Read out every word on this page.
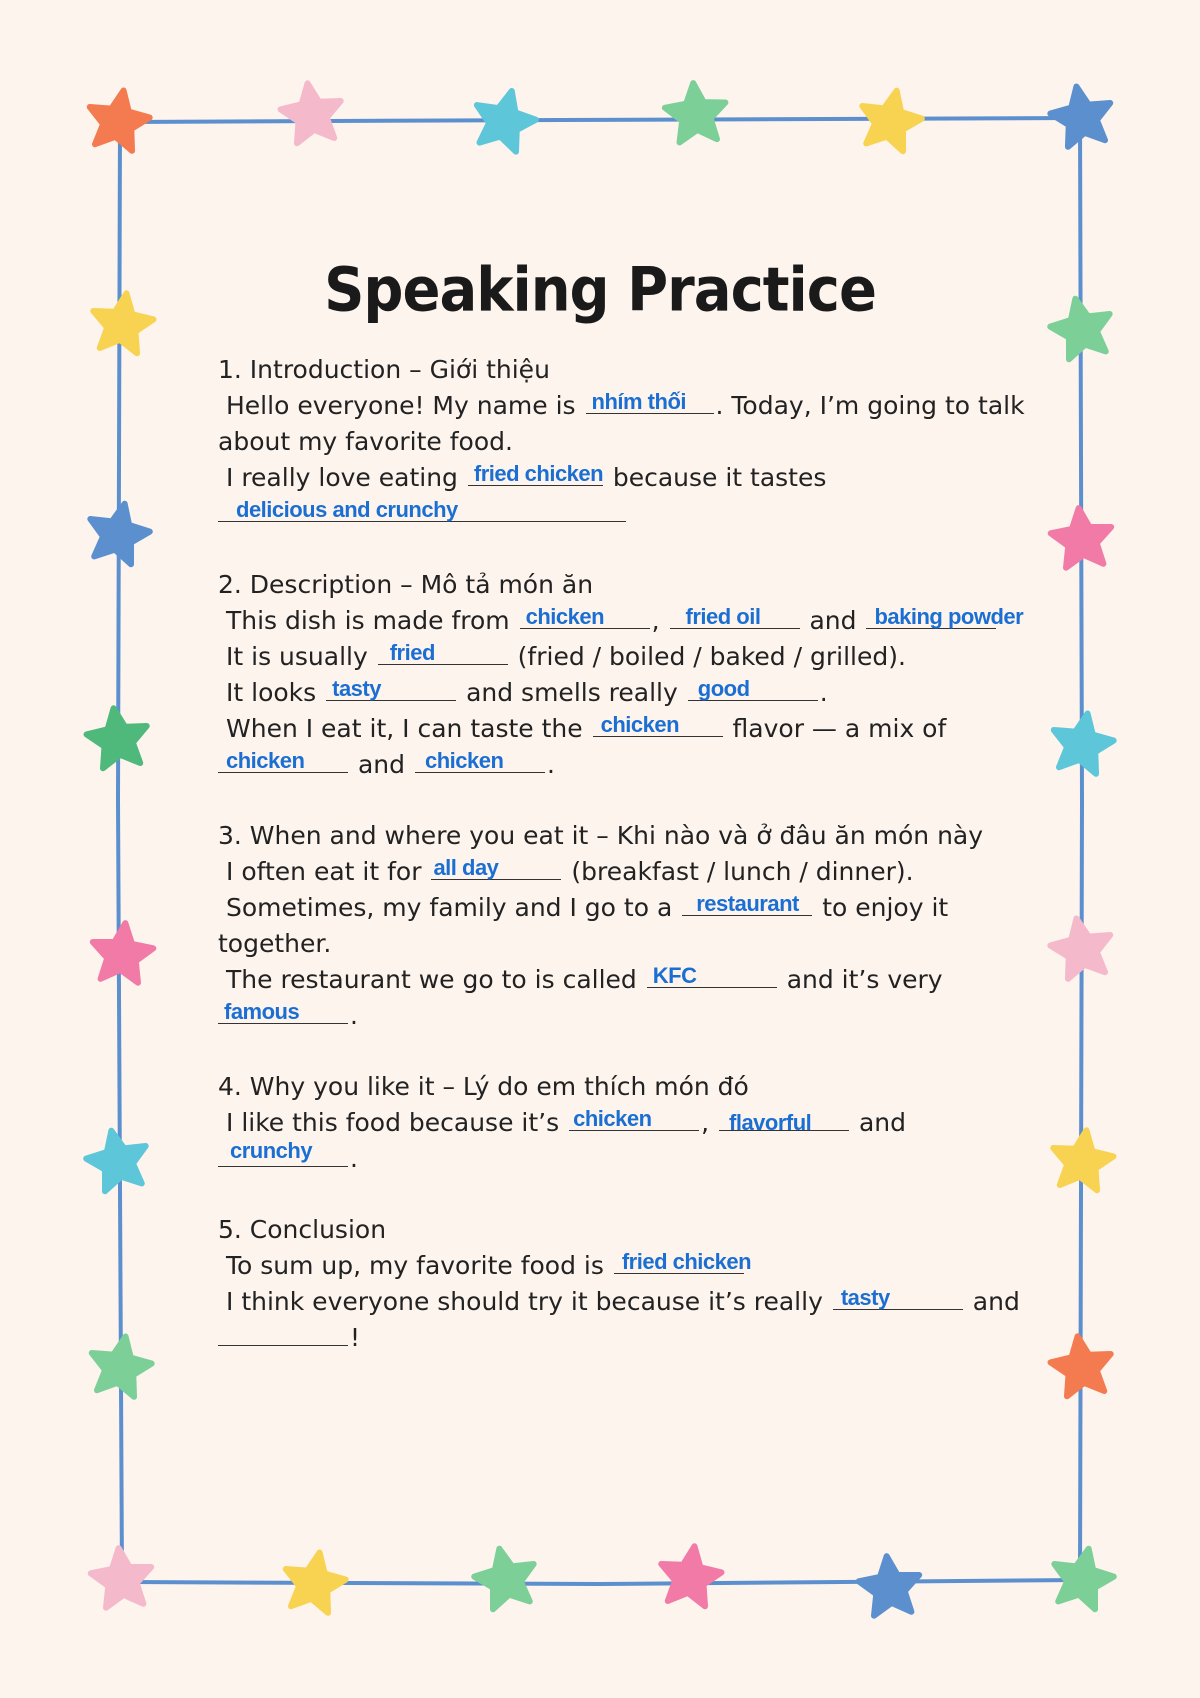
Speaking Practice
1. Introduction – Giới thiệu
Hello everyone! My name is nhím thối . Today, I’m going to talk
about my favorite food.
I really love eating fried chicken because it tastes
delicious and crunchy
2. Description – Mô tả món ăn
This dish is made from chicken , fried oil and baking powder
It is usually fried	(fried / boiled / baked / grilled).
It looks tasty	and smells really good	.
When I eat it, I can taste the chicken flavor — a mix of
chicken and chicken .
3. When and where you eat it – Khi nào và ở đâu ăn món này
I often eat it for all day	(breakfast / lunch / dinner).
Sometimes, my family and I go to a restaurant to enjoy it
together.
The restaurant we go to is called KFC	and it’s very
famous .
4. Why you like it – Lý do em thích món đó
I like this food because it’s chicken , flavorful and
crunchy .
5. Conclusion
To sum up, my favorite food is fried chicken
I think everyone should try it because it’s really tasty	and
!
